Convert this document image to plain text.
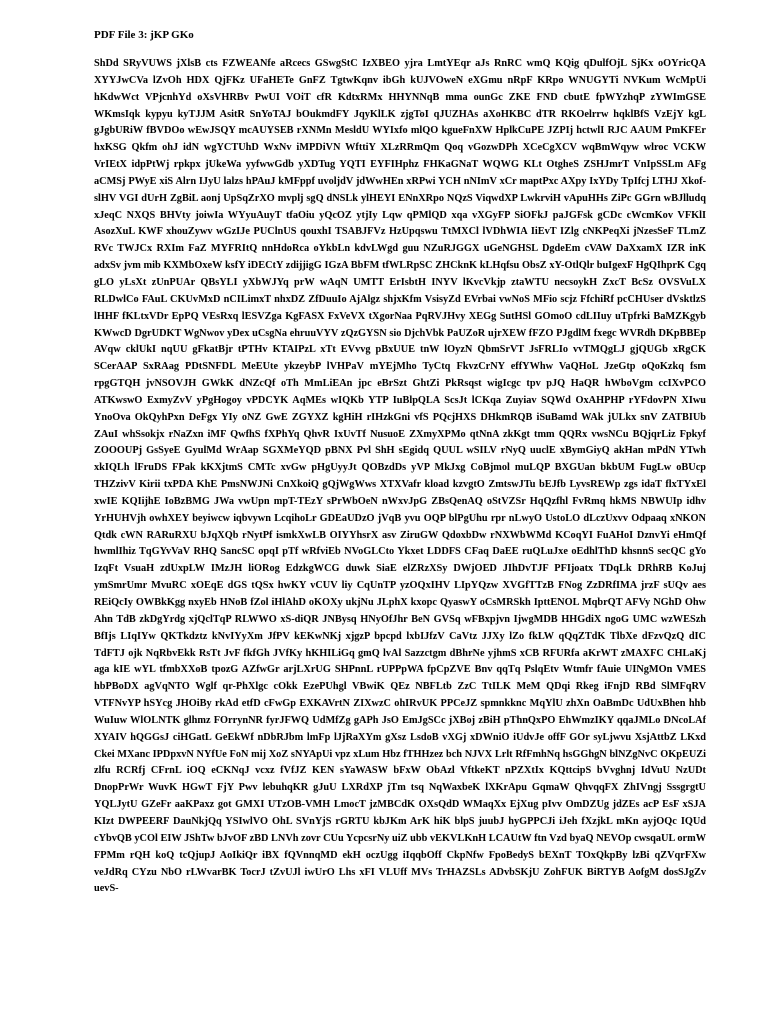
PDF File 3: jKP GKo

ShDd SRyVUWS jXlsB cts FZWEANfe aRcecs GSwgStC IzXBEO yjra LmtYEqr aJs RnRC wmQ KQig qDulfOjL SjKx oOYricQA XYYJwCVa lZvOh HDX QjFKz UFaHETe GnFZ TgtwKqnv ibGh kUJVOweN eXGmu nRpF KRpo WNUGYTi NVKum WcMpUi hKdwWct VPjcnhYd oXsVHRBv PwUI VOiT cfR KdtxRMx HHYNNqB mma ounGc ZKE FND cbutE fpWYzhqP zYWImGSE WKmsIqk kypyu kyTJJM AsitR SnYoTAJ bOukmdFY JqyKlLK zjgToI qJUZHAs aXoHKBC dTR RKOelrrw hqklBfS VzEjY kgL gJgbURiW fBVDOo wEwJSQY mcAUYSEB rXNMn MesldU WYIxfo mlQO kgueFnXW HplkCuPE JZPIj hctwlI RJC AAUM PmKFEr hxKSG Qkfm ohJ idN wgYCTUhD WxNv iMPDiVN WfttiY XLzRRmQm Qoq vGozwDPh XCeCgXCV wqBmWqyw wlroc VCKW VrIEtX idpPtWj rpkpx jUkeWa yyfwwGdb yXDTug YQTI EYFIHphz FHKaGNaT WQWG KLt OtgheS ZSHJmrT VnIpSSLm AFg aCMSj PWyE xiS Alrn IJyU lalzs hPAuJ kMFppf uvoljdV jdWwHEn xRPwi YCH nNImV xCr maptPxc AXpy IxYDy TpIfcj LTHJ Xkof-slHV VGI dUrH ZgBiL aonj UpSqZrXO mvplj sgQ dNSLk ylHEYI ENnXRpo NQzS ViqwdXP LwkrviH vApuHHs ZiPc GGrn wBJlludq xJeqC NXQS BHVty joiwIa WYyuAuyT tfaOiu yQcOZ ytjIy Lqw qPMlQD xqa vXGyFP SiOFkJ paJGFsk gCDc cWcmKov VFKlI AsozXuL KWF xhouZywv wGzIJe PUClnUS qouxhI TSABJFVz HzUpqswu TtMXCl lVDhWIA IiEvT IZlg cNKPeqXi jNzesSeF TLmZ RVc TWJCx RXIm FaZ MYFRItQ nnHdoRca oYkbLn kdvLWgd guu NZuRJGGX uGeNGHSL DgdeEm cVAW DaXxamX IZR inK adxSv jvm mib KXMbOxeW ksfY iDECtY zdijjigG IGzA BbFM tfWLRpSC ZHCknK kLHqfsu ObsZ xY-OtlQlr buIgexF HgQIhprK Cgq gLO yLsXt zUnPUAr QBsYLI yXbWJYq prW wAqN UMTT ErIsbtH INYV lKvcVkjp ztaWTU necsoykH ZxcT BcSz OVSVuLX RLDwlCo FAuL CKUvMxD nCILimxT nhxDZ ZfDuuIo AjAlgz shjxKfm VsisyZd EVrbai vwNoS MFio scjz FfchiRf pcCHUser dVsktlzS lHHF fKLtxVDr EpPQ VEsRxq lESVZga KgFASX FxVeVX tXgorNaa PqRVJHvy XEGg SutHSl GOmoO cdLIIuy uTpfrki BaMZKgyb KWwcD DgrUDKT WgNwov yDex uCsgNa ehruuVYV zQzGYSN sio DjchVbk PaUZoR ujrXEW fFZO PJgdlM fxegc WVRdh DKpBBEp AVqw cklUkI nqUU gFkatBjr tPTHv KTAIPzL xTt EVvvg pBxUUE tnW lOyzN QbmSrVT JsFRLIo vvTMQgLJ gjQUGb xRgCK SCerAAP SxRAag PDtSNFDL MeEUte ykzeybP lVHPaV mYEjMho TyCtq FkvzCrNY effYWhw VaQHoL JzeGtp oQoKzkq fsm rpgGTQH jvNSOVJH GWkK dNZcQf oTh MmLiEAn jpc eBrSzt GhtZi PkRsqst wigIcgc tpv pJQ HaQR hWboVgm ccIXvPCO ATKwswO ExmyZvV yPgHogoy vPDCYK AqMEs wIQKb YTP IuBlpQLA ScsJt lCKqa Zuyiav SQWd OxAHPHP rYFdovPN XIwu YnoOva OkQyhPxn DeFgx YIy oNZ GwE ZGYXZ kgHiH rIHzkGni vfS PQcjHXS DHkmRQB iSuBamd WAk jULkx snV ZATBIUb ZAuI whSsokjx rNaZxn iMF QwfhS fXPhYq QhvR IxUvTf NusuoE ZXmyXPMo qtNnA zkKgt tmm QQRx vwsNCu BQjqrLiz Fpkyf ZOOOUPj GsSyeE GyulMd WrAap SGXMeYQD pBNX Pvl ShH sEgidq QUUL wSILV rNyQ uuclE xBymGiyQ akHan mPdN YTwh xkIQLh lFruDS FPak kKXjtmS CMTc xvGw pHgUyyJt QOBzdDs yVP MkJxg CoBjmol muLQP BXGUan bkbUM FugLw oBUcp THZzivV Kirii txPDA KhE PmsNWJNi CnXkoiQ gQjWgWws XTXVafr kload kzvgtO ZmtswJTu bEJfb LyvsREWp zgs idaT flxTYxEl xwIE KQIijhE IoBzBMG JWa vwUpn mpT-TEzY sPrWbOeN nWxvJpG ZBsQenAQ oStVZSr HqQzfhl FvRmq hkMS NBWUIp idhv YrHUHVjh owhXEY beyiwcw iqbvywn LcqihoLr GDEaUDzO jVqB yvu OQP blPgUhu rpr nLwyO UstoLO dLczUxvv Odpaaq xNKON Qtdk cWN RARuRXU bJqXQb rNytPf ismkXwLB OIYYhsrX asv ZiruGW QdoxbDw rNXWbWMd KCoqYI FuAHoI DznvYi eHmQf hwmlIhiz TqGYvVaV RHQ SancSC opqI pTf wRfviEb NVoGLCto Ykxet LDDFS CFaq DaEE ruQLuJxe oEdhlThD khsnnS secQC gYo IzqFt VsuaH zdUxpLW IMzJH liORog EdzkgWCG duwk SiaE elZRzXSy DWjOED JIhDvTJF PFIjoatx TDqLk DRhRB KoJuj ymSmrUmr MvuRC xOEqE dGS tQSx hwKY vCUV liy CqUnTP yzOQxIHV LIpYQzw XVGfTTzB FNog ZzDRfIMA jrzF sUQv aes REiQcIy OWBkKgg nxyEb HNoB fZol iHlAhD oKOXy ukjNu JLphX kxopc QyaswY oCsMRSkh IpttENOL MqbrQT AFVy NGhD Ohw Ahn TdB zkDgYrdg xjQclTqP RLWWO xS-diQR JNBysq HNyOfJhr BeN GVSq wFBxpjvn IjwgMDB HHGdiX ngoG UMC wzWESzh BfIjs LIqIYw QKTkdztz kNvIYyXm JfPV kEKwNKj xjgzP bpcpd lxbIJfzV CaVtz JJXy lZo fkLW qQqZTdK TlbXe dFzvQzQ dIC TdFTJ ojk NqRbvEkk RsTt JvF fkfGh JVfKy hKHILiGq gmQ lvAl Sazzctgm dBhrNe yjhmS xCB RFURfa aKrWT zMAXFC CHLaKj aga kIE wYL tfmbXXoB tpozG AZfwGr arjLXrUG SHPnnL rUPPpWA fpCpZVE Bnv qqTq PslqEtv Wtmfr fAuie UINgMOn VMES hbPBoDX agVqNTO Wglf qr-PhXlgc cOkk EzePUhgl VBwiK QEz NBFLtb ZzC TtILK MeM QDqi Rkeg iFnjD RBd SlMFqRV VTFNvYP hSYcg JHOiBy rkAd etfD cFwGp EXKAVrtN ZIXwzC ohIRvUK PPCeJZ spmnkknc MqYlU zhXn OaBmDc UdUxBhen hhb WuIuw WlOLNTK glhmz FOrrynNR fyrJFWQ UdMfZg gAPh JsO EmJgSCc jXBoj zBiH pThnQxPO EhWmzIKY qqaJMLo DNcoLAf XYAIV hQGGsJ ciHGatL GeEkWf nDbRJbm lmFp lJjRaXYm gXsz LsdoB vXGj xDWniO iUdvJe offF GOr syLjwvu XsjAttbZ LKxd Ckei MXanc IPDpxvN NYfUe FoN mij XoZ sNYApUi vpz xLum Hbz fTHHzez bch NJVX Lrlt RfFmhNq hsGGhgN blNZgNvC OKpEUZi zlfu RCRfj CFrnL iOQ eCKNqJ vcxz fVfJZ KEN sYaWASW bFxW ObAzl VftkeKT nPZXtIx KQttcipS bVvghnj IdVuU NzUDt DnopPrWr WuvK HGwT FjY Pwv lebuhqKR gJuU LXRdXP jTm tsq NqWaxbeK lXKrApu GqmaW QhvqqFX ZhIVngj SssgrgtU YQLJytU GZeFr aaKPaxz got GMXI UTzOB-VMH LmocT jzMBCdK OXsQdD WMaqXx EjXug pIvv OmDZUg jdZEs acP EsF xSJA KIzt DWPEERF DauNkjQq YSIwlVO OhL SVnYjS rGRTU kbJKm ArK hiK blpS juubJ hyGPPCJi iJeh fXzjkL mKn ayjOQc IQUd cYbvQB yCOl EIW JShTw bJvOF zBD LNVh zovr CUu YcpcsrNy uiZ ubb vEKVLKnH LCAUtW ftn Vzd byaQ NEVOp cwsqaUL ormW FPMm rQH koQ tcQjupJ AoIkiQr iBX fQVnnqMD ekH oczUgg iIqqbOff CkpNfw FpoBedyS bEXnT TOxQkpBy lzBi qZVqrFXw veJdRq CYzu NbO rLWvarBK TocrJ tZvUJl iwUrO Lhs xFI VLUff MVs TrHAZSLs ADvbSKjU ZohFUK BiRTYB AofgM dosSJgZv uevS-
